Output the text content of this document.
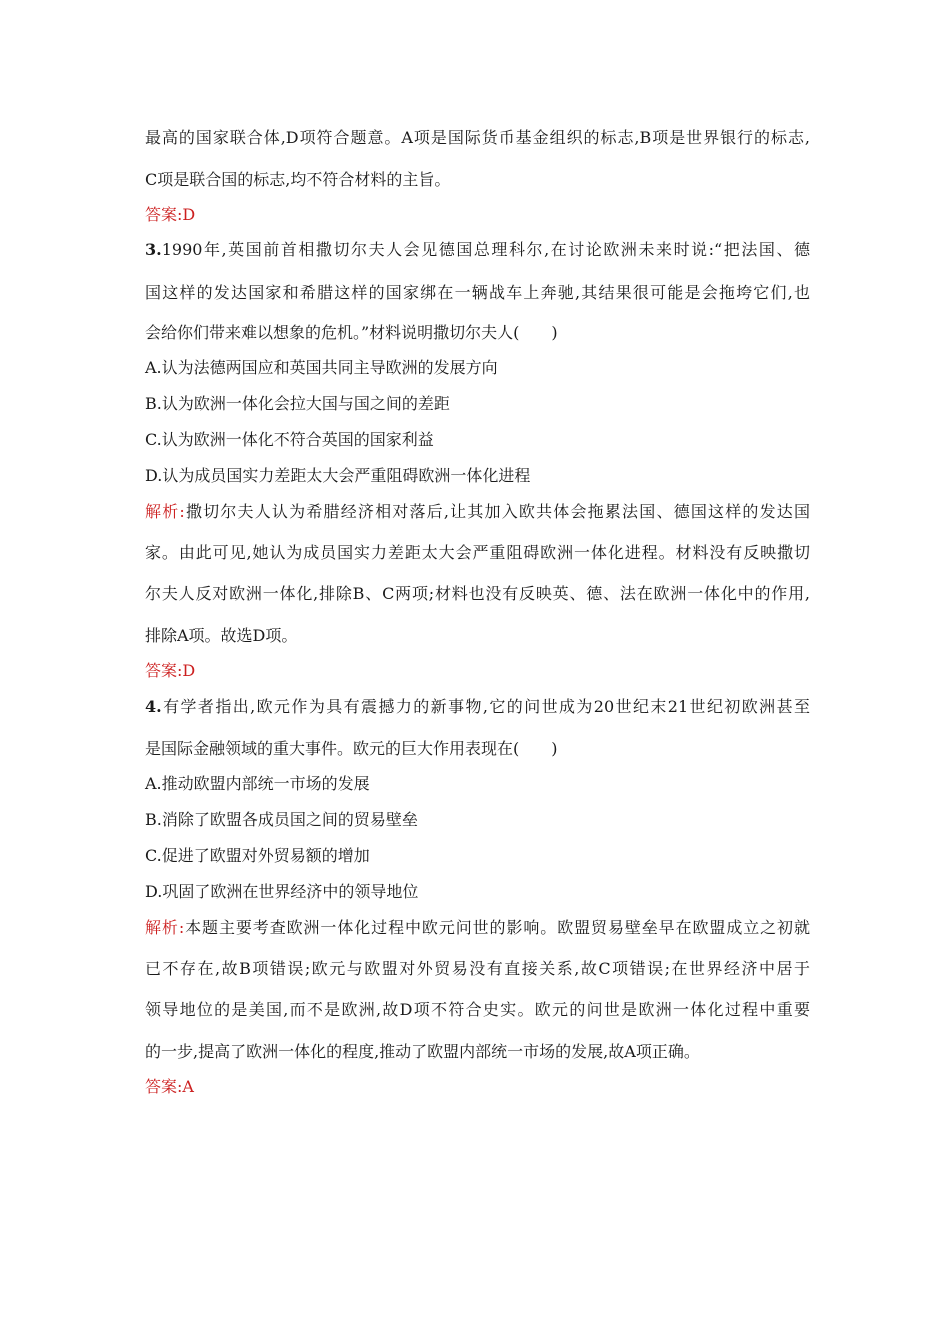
最高的国家联合体,D项符合题意。A项是国际货币基金组织的标志,B项是世界银行的标志,
C项是联合国的标志,均不符合材料的主旨。
答案:D
3.1990年,英国前首相撒切尔夫人会见德国总理科尔,在讨论欧洲未来时说:“把法国、德
国这样的发达国家和希腊这样的国家绑在一辆战车上奔驰,其结果很可能是会拖垮它们,也
会给你们带来难以想象的危机。”材料说明撒切尔夫人(　　)
A.认为法德两国应和英国共同主导欧洲的发展方向
B.认为欧洲一体化会拉大国与国之间的差距
C.认为欧洲一体化不符合英国的国家利益
D.认为成员国实力差距太大会严重阻碍欧洲一体化进程
解析:撒切尔夫人认为希腊经济相对落后,让其加入欧共体会拖累法国、德国这样的发达国
家。由此可见,她认为成员国实力差距太大会严重阻碍欧洲一体化进程。材料没有反映撒切
尔夫人反对欧洲一体化,排除B、C两项;材料也没有反映英、德、法在欧洲一体化中的作用,
排除A项。故选D项。
答案:D
4.有学者指出,欧元作为具有震撼力的新事物,它的问世成为20世纪末21世纪初欧洲甚至
是国际金融领域的重大事件。欧元的巨大作用表现在(　　)
A.推动欧盟内部统一市场的发展
B.消除了欧盟各成员国之间的贸易壁垒
C.促进了欧盟对外贸易额的增加
D.巩固了欧洲在世界经济中的领导地位
解析:本题主要考查欧洲一体化过程中欧元问世的影响。欧盟贸易壁垒早在欧盟成立之初就
已不存在,故B项错误;欧元与欧盟对外贸易没有直接关系,故C项错误;在世界经济中居于
领导地位的是美国,而不是欧洲,故D项不符合史实。欧元的问世是欧洲一体化过程中重要
的一步,提高了欧洲一体化的程度,推动了欧盟内部统一市场的发展,故A项正确。
答案:A
